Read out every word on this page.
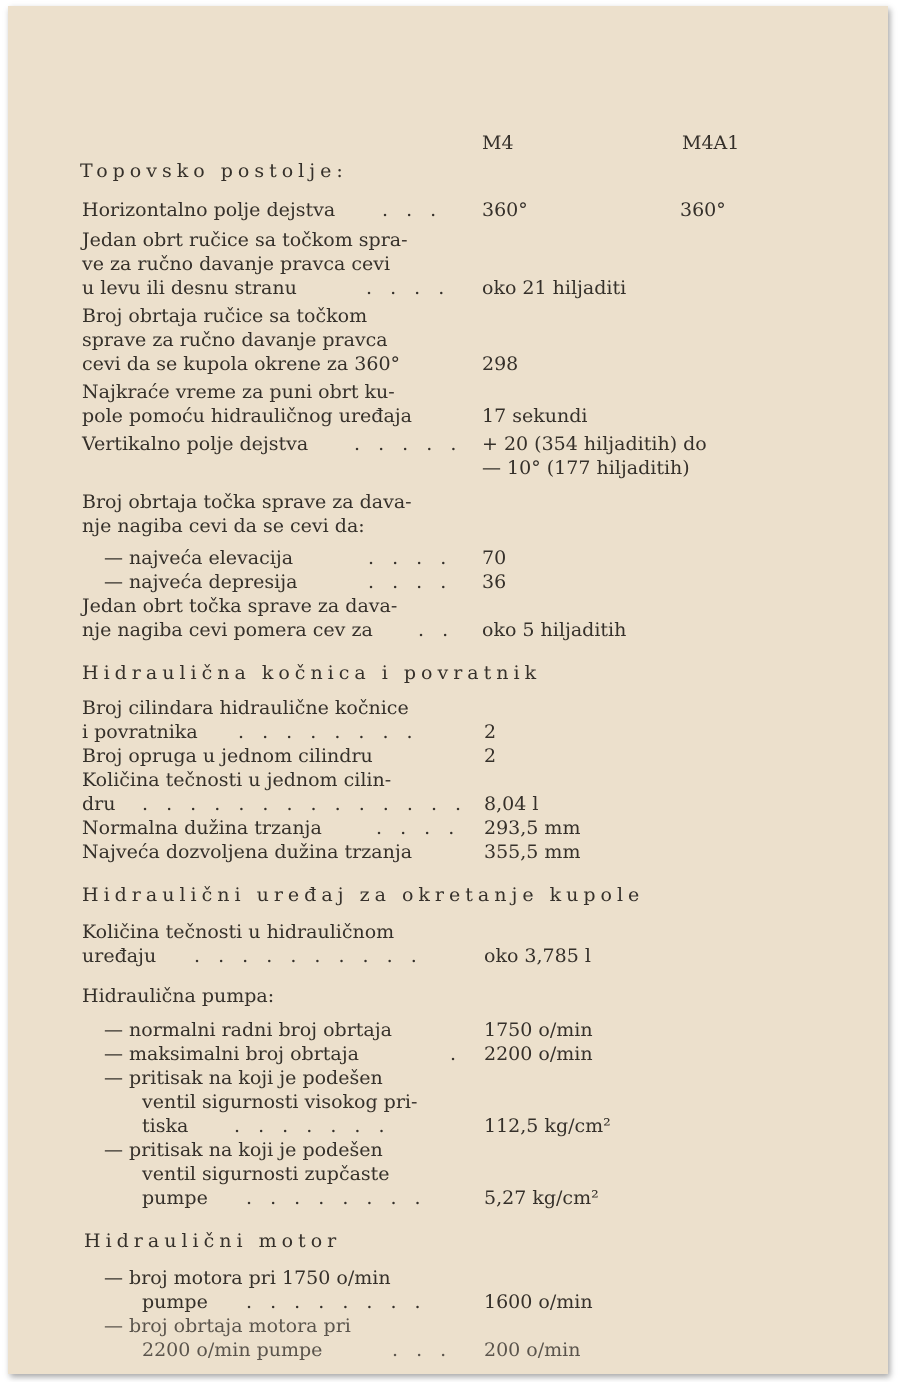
M4	M4A1
Topovsko postolje:
Horizontalno polje dejstva . . . 360°	360°
Jedan obrt ručice sa točkom spra-
ve za ručno davanje pravca cevi
u levu ili desnu stranu	. . . . oko 21 hiljaditi
Broj obrtaja ručice sa točkom
sprave za ručno davanje pravca
cevi da se kupola okrene za 360°	298
Najkraće vreme za puni obrt ku-
pole pomoću hidrauličnog uređaja	17 sekundi
Vertikalno polje dejstva . . . . . + 20 (354 hiljaditih) do
— 10° (177 hiljaditih)
Broj obrtaja točka sprave za dava-
nje nagiba cevi da se cevi da:
— najveća elevacija	. . . . 70
— najveća depresija	. . . . 36
Jedan obrt točka sprave za dava-
nje nagiba cevi pomera cev za . . oko 5 hiljaditih
Hidraulična kočnica i povratnik
Broj cilindara hidraulične kočnice
i povratnika . . . . . . . .	2
Broj opruga u jednom cilindru	2
Količina tečnosti u jednom cilin-
dru . . . . . . . . . . . . . . 8,04 l
Normalna dužina trzanja	. . . . 293,5 mm
Najveća dozvoljena dužina trzanja	355,5 mm
Hidraulični uređaj za okretanje kupole
Količina tečnosti u hidrauličnom
uređaju . . . . . . . . . .	oko 3,785 l
Hidraulična pumpa:
— normalni radni broj obrtaja	1750 o/min
— maksimalni broj obrtaja	. 2200 o/min
— pritisak na koji je podešen
ventil sigurnosti visokog pri-
tiska . . . . . . .	112,5 kg/cm²
— pritisak na koji je podešen
ventil sigurnosti zupčaste
pumpe . . . . . . . .	5,27 kg/cm²
Hidraulični motor
— broj motora pri 1750 o/min
pumpe . . . . . . . .	1600 o/min
— broj obrtaja motora pri
2200 o/min pumpe	. . . 200 o/min
